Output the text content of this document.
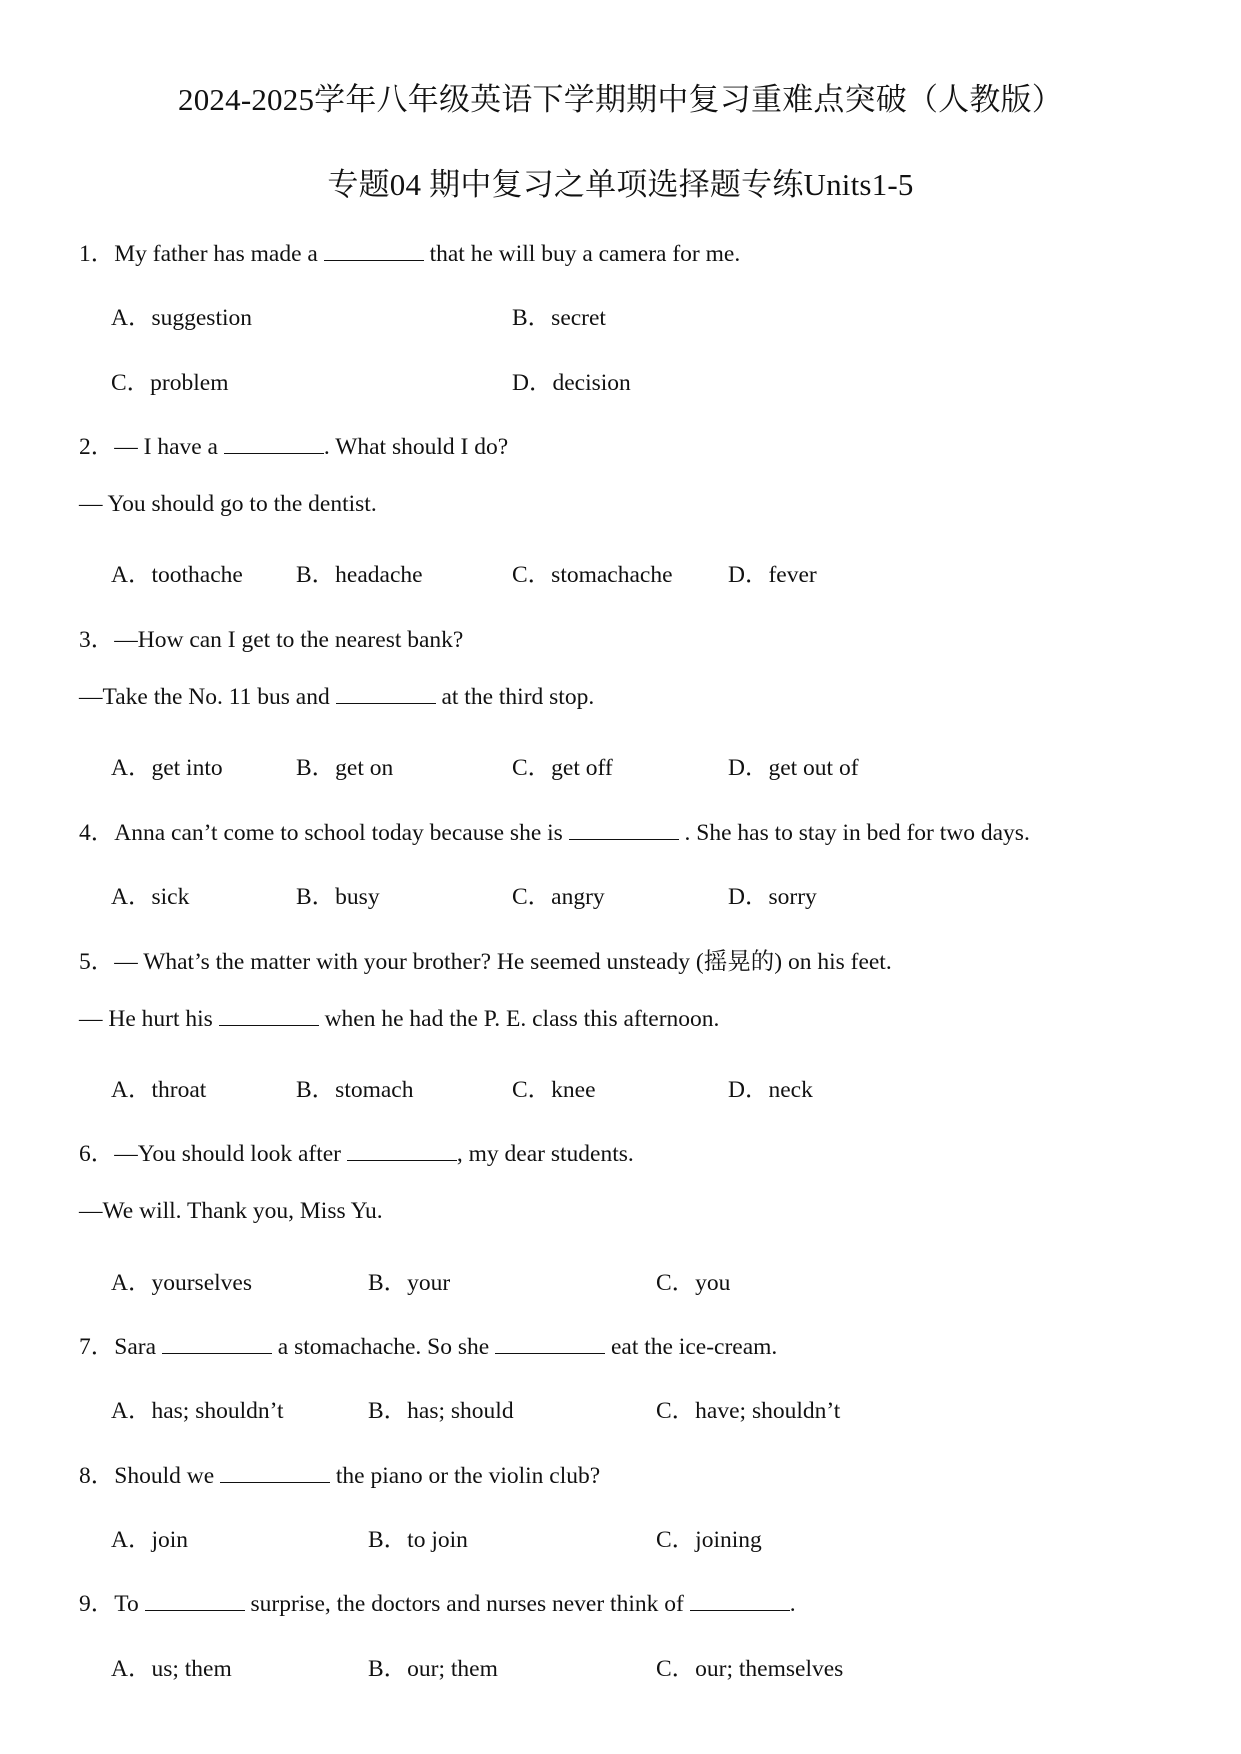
2024-2025学年八年级英语下学期期中复习重难点突破（人教版）
专题04 期中复习之单项选择题专练Units1-5
1．My father has made a	that he will buy a camera for me.
A．suggestion	B．secret
C．problem	D．decision
2．— I have a	. What should I do?
— You should go to the dentist.
A．toothache B．headache	C．stomachache D．fever
3．—How can I get to the nearest bank?
—Take the No. 11 bus and	at the third stop.
A．get into	B．get on	C．get off	D．get out of
4．Anna can’t come to school today because she is	. She has to stay in bed for two days.
A．sick	B．busy	C．angry	D．sorry
5．— What’s the matter with your brother? He seemed unsteady (摇晃的) on his feet.
— He hurt his	when he had the P. E. class this afternoon.
A．throat	B．stomach	C．knee	D．neck
6．—You should look after	, my dear students.
—We will. Thank you, Miss Yu.
A．yourselves	B．your	C．you
7．Sara	a stomachache. So she	eat the ice-cream.
A．has; shouldn’t	B．has; should	C．have; shouldn’t
8．Should we	the piano or the violin club?
A．join	B．to join	C．joining
9．To	surprise, the doctors and nurses never think of	.
A．us; them	B．our; them	C．our; themselves
